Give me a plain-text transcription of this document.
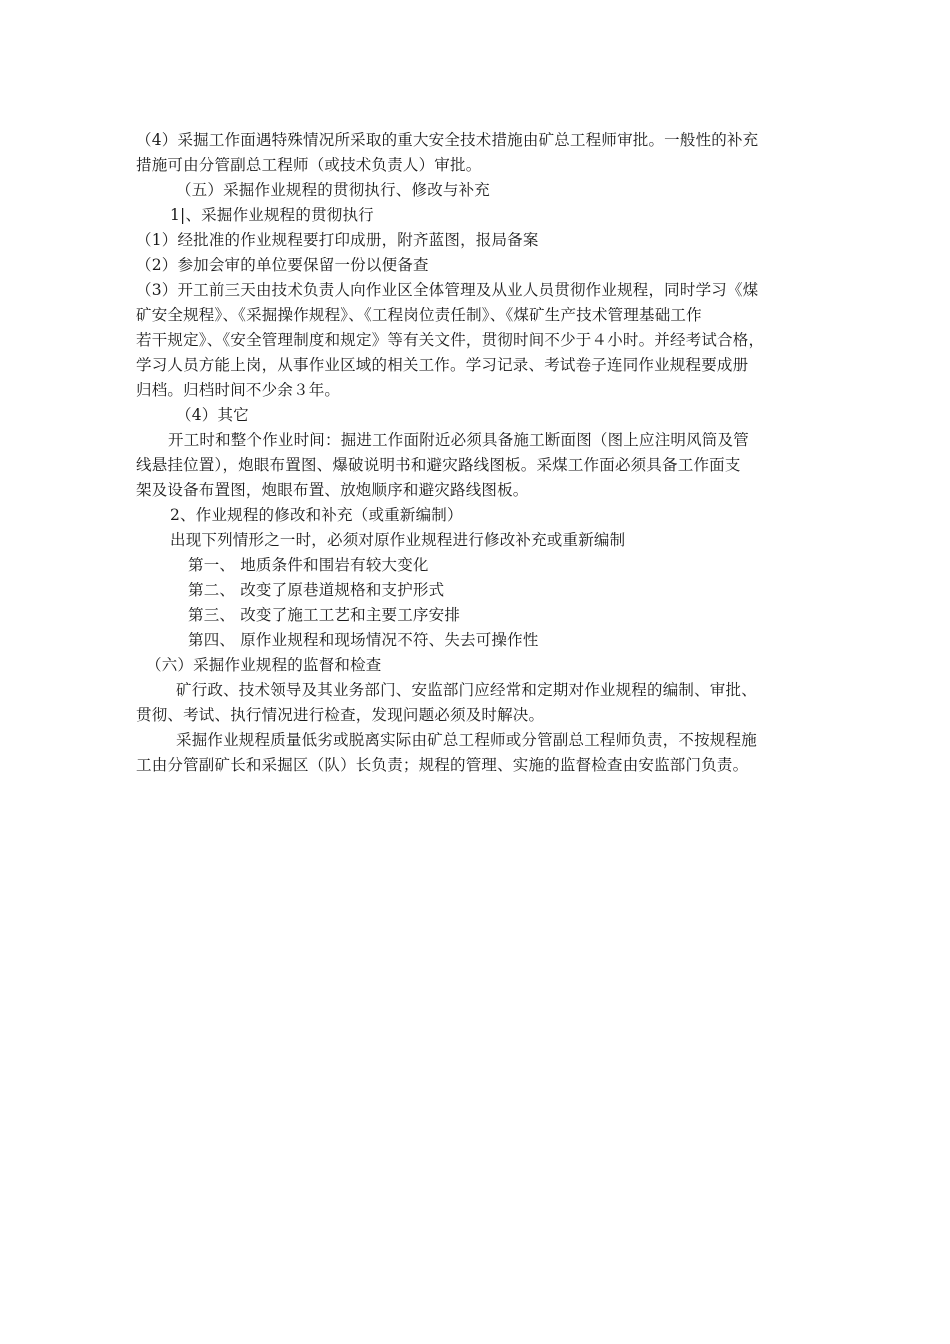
（4）采掘工作面遇特殊情况所采取的重大安全技术措施由矿总工程师审批。一般性的补充
措施可由分管副总工程师（或技术负责人）审批。
（五）采掘作业规程的贯彻执行、修改与补充
1|、采掘作业规程的贯彻执行
（1）经批准的作业规程要打印成册，附齐蓝图，报局备案
（2）参加会审的单位要保留一份以便备查
（3）开工前三天由技术负责人向作业区全体管理及从业人员贯彻作业规程，同时学习《煤
矿安全规程》、《采掘操作规程》、《工程岗位责任制》、《煤矿生产技术管理基础工作
若干规定》、《安全管理制度和规定》等有关文件，贯彻时间不少于４小时。并经考试合格，
学习人员方能上岗，从事作业区域的相关工作。学习记录、考试卷子连同作业规程要成册
归档。归档时间不少余３年。
（4）其它
开工时和整个作业时间：掘进工作面附近必须具备施工断面图（图上应注明风筒及管
线悬挂位置），炮眼布置图、爆破说明书和避灾路线图板。采煤工作面必须具备工作面支
架及设备布置图，炮眼布置、放炮顺序和避灾路线图板。
2、作业规程的修改和补充（或重新编制）
出现下列情形之一时，必须对原作业规程进行修改补充或重新编制
第一、 地质条件和围岩有较大变化
第二、 改变了原巷道规格和支护形式
第三、 改变了施工工艺和主要工序安排
第四、 原作业规程和现场情况不符、失去可操作性
（六）采掘作业规程的监督和检查
矿行政、技术领导及其业务部门、安监部门应经常和定期对作业规程的编制、审批、
贯彻、考试、执行情况进行检查，发现问题必须及时解决。
采掘作业规程质量低劣或脱离实际由矿总工程师或分管副总工程师负责，不按规程施
工由分管副矿长和采掘区（队）长负责；规程的管理、实施的监督检查由安监部门负责。
